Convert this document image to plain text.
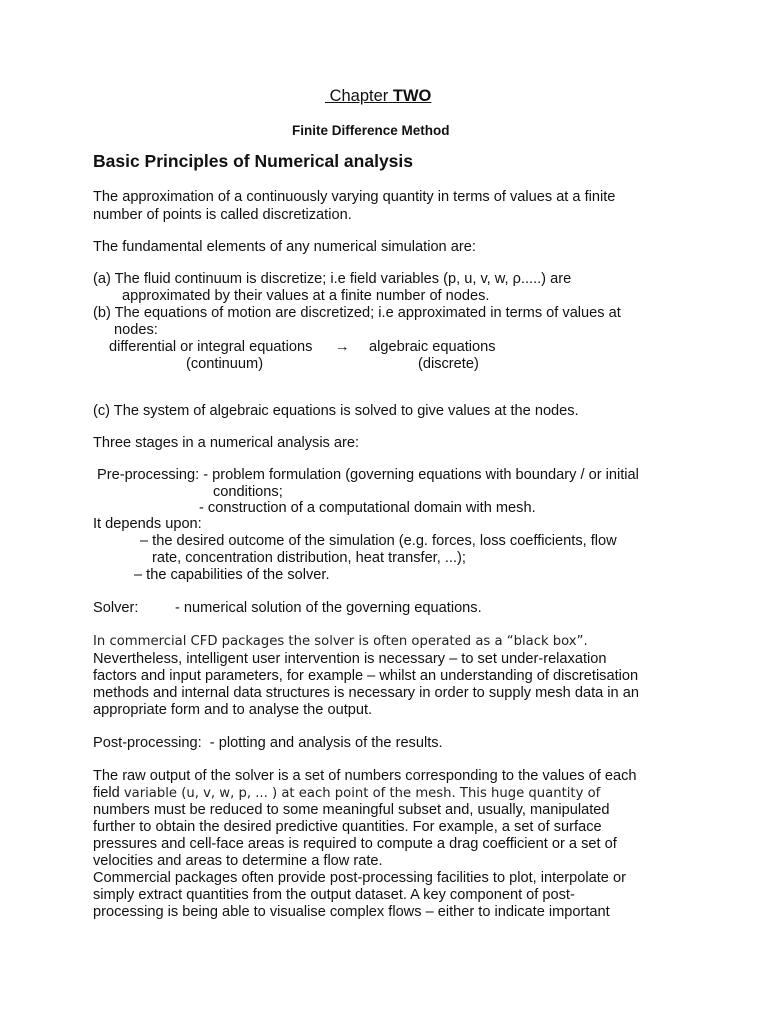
Chapter TWO
Finite Difference Method
Basic Principles of Numerical analysis
The approximation of a continuously varying quantity in terms of values at a finite
number of points is called discretization.
The fundamental elements of any numerical simulation are:
(a) The fluid continuum is discretize; i.e field variables (p, u, v, w, ρ.....) are
approximated by their values at a finite number of nodes.
(b) The equations of motion are discretized; i.e approximated in terms of values at
nodes:
differential or integral equations → algebraic equations
(continuum)	(discrete)
(c) The system of algebraic equations is solved to give values at the nodes.
Three stages in a numerical analysis are:
Pre-processing: - problem formulation (governing equations with boundary / or initial
conditions;
- construction of a computational domain with mesh.
It depends upon:
– the desired outcome of the simulation (e.g. forces, loss coefficients, flow
rate, concentration distribution, heat transfer, ...);
– the capabilities of the solver.
Solver:	- numerical solution of the governing equations.
In commercial CFD packages the solver is often operated as a “black box”.
Nevertheless, intelligent user intervention is necessary – to set under-relaxation
factors and input parameters, for example – whilst an understanding of discretisation
methods and internal data structures is necessary in order to supply mesh data in an
appropriate form and to analyse the output.
Post-processing:  - plotting and analysis of the results.
The raw output of the solver is a set of numbers corresponding to the values of each
field variable (u, v, w, p, ... ) at each point of the mesh. This huge quantity of
numbers must be reduced to some meaningful subset and, usually, manipulated
further to obtain the desired predictive quantities. For example, a set of surface
pressures and cell-face areas is required to compute a drag coefficient or a set of
velocities and areas to determine a flow rate.
Commercial packages often provide post-processing facilities to plot, interpolate or
simply extract quantities from the output dataset. A key component of post-
processing is being able to visualise complex flows – either to indicate important
